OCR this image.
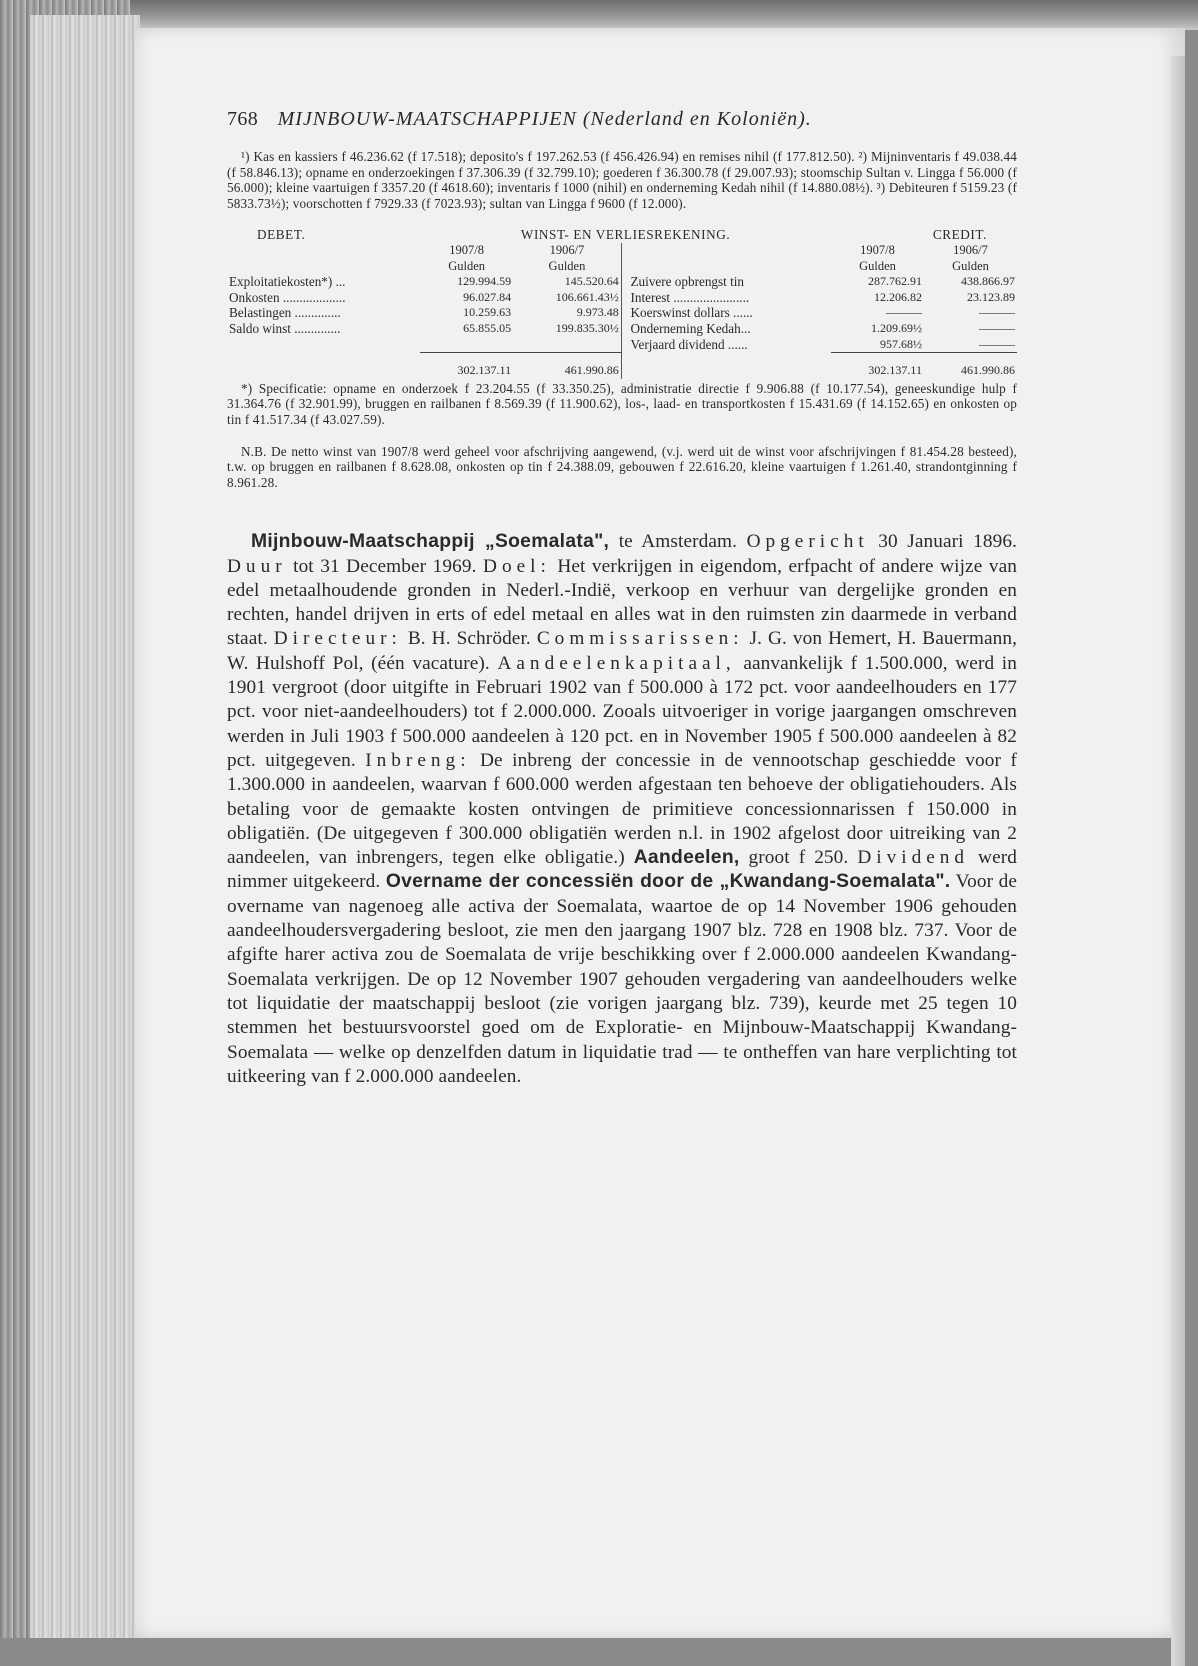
768 MIJNBOUW-MAATSCHAPPIJEN (Nederland en Koloniën).

¹) Kas en kassiers f 46.236.62 (f 17.518); deposito's f 197.262.53 (f 456.426.94) en remises nihil (f 177.812.50). ²) Mijninventaris f 49.038.44 (f 58.846.13); opname en onderzoekingen f 37.306.39 (f 32.799.10); goederen f 36.300.78 (f 29.007.93); stoomschip Sultan v. Lingga f 56.000 (f 56.000); kleine vaartuigen f 3357.20 (f 4618.60); inventaris f 1000 (nihil) en onderneming Kedah nihil (f 14.880.08½). ³) Debiteuren f 5159.23 (f 5833.73½); voorschotten f 7929.33 (f 7023.93); sultan van Lingga f 9600 (f 12.000).

DEBET.	WINST- EN VERLIESREKENING.				CREDIT.	
	1907/8	1906/7			1907/8	1906/7
	Gulden	Gulden			Gulden	Gulden
Exploitatiekosten*) ...	129.994.59	145.520.64		Zuivere opbrengst tin	287.762.91	438.866.97
Onkosten ...................	96.027.84	106.661.43½		Interest .......................	12.206.82	23.123.89
Belastingen ..............	10.259.63	9.973.48		Koerswinst dollars ......	———	———
Saldo winst ..............	65.855.05	199.835.30½		Onderneming Kedah...	1.209.69½	———
				Verjaard dividend ......	957.68½	———

	302.137.11	461.990.86			302.137.11	461.990.86

*) Specificatie: opname en onderzoek f 23.204.55 (f 33.350.25), administratie directie f 9.906.88 (f 10.177.54), geneeskundige hulp f 31.364.76 (f 32.901.99), bruggen en railbanen f 8.569.39 (f 11.900.62), los-, laad- en transportkosten f 15.431.69 (f 14.152.65) en onkosten op tin f 41.517.34 (f 43.027.59).

N.B. De netto winst van 1907/8 werd geheel voor afschrijving aangewend, (v.j. werd uit de winst voor afschrijvingen f 81.454.28 besteed), t.w. op bruggen en railbanen f 8.628.08, onkosten op tin f 24.388.09, gebouwen f 22.616.20, kleine vaartuigen f 1.261.40, strandontginning f 8.961.28.

Mijnbouw-Maatschappij „Soemalata", te Amsterdam. Opgericht 30 Januari 1896. Duur tot 31 December 1969. Doel: Het verkrijgen in eigendom, erfpacht of andere wijze van edel metaalhoudende gronden in Nederl.-Indië, verkoop en verhuur van dergelijke gronden en rechten, handel drijven in erts of edel metaal en alles wat in den ruimsten zin daarmede in verband staat. Directeur: B. H. Schröder. Commissarissen: J. G. von Hemert, H. Bauermann, W. Hulshoff Pol, (één vacature). Aandeelenkapitaal, aanvankelijk f 1.500.000, werd in 1901 vergroot (door uitgifte in Februari 1902 van f 500.000 à 172 pct. voor aandeelhouders en 177 pct. voor niet-aandeelhouders) tot f 2.000.000. Zooals uitvoeriger in vorige jaargangen omschreven werden in Juli 1903 f 500.000 aandeelen à 120 pct. en in November 1905 f 500.000 aandeelen à 82 pct. uitgegeven. Inbreng: De inbreng der concessie in de vennootschap geschiedde voor f 1.300.000 in aandeelen, waarvan f 600.000 werden afgestaan ten behoeve der obligatiehouders. Als betaling voor de gemaakte kosten ontvingen de primitieve concessionnarissen f 150.000 in obligatiën. (De uitgegeven f 300.000 obligatiën werden n.l. in 1902 afgelost door uitreiking van 2 aandeelen, van inbrengers, tegen elke obligatie.) Aandeelen, groot f 250. Dividend werd nimmer uitgekeerd. Overname der concessiën door de „Kwandang-Soemalata". Voor de overname van nagenoeg alle activa der Soemalata, waartoe de op 14 November 1906 gehouden aandeelhoudersvergadering besloot, zie men den jaargang 1907 blz. 728 en 1908 blz. 737. Voor de afgifte harer activa zou de Soemalata de vrije beschikking over f 2.000.000 aandeelen Kwandang-Soemalata verkrijgen. De op 12 November 1907 gehouden vergadering van aandeelhouders welke tot liquidatie der maatschappij besloot (zie vorigen jaargang blz. 739), keurde met 25 tegen 10 stemmen het bestuursvoorstel goed om de Exploratie- en Mijnbouw-Maatschappij Kwandang-Soemalata — welke op denzelfden datum in liquidatie trad — te ontheffen van hare verplichting tot uitkeering van f 2.000.000 aandeelen.
